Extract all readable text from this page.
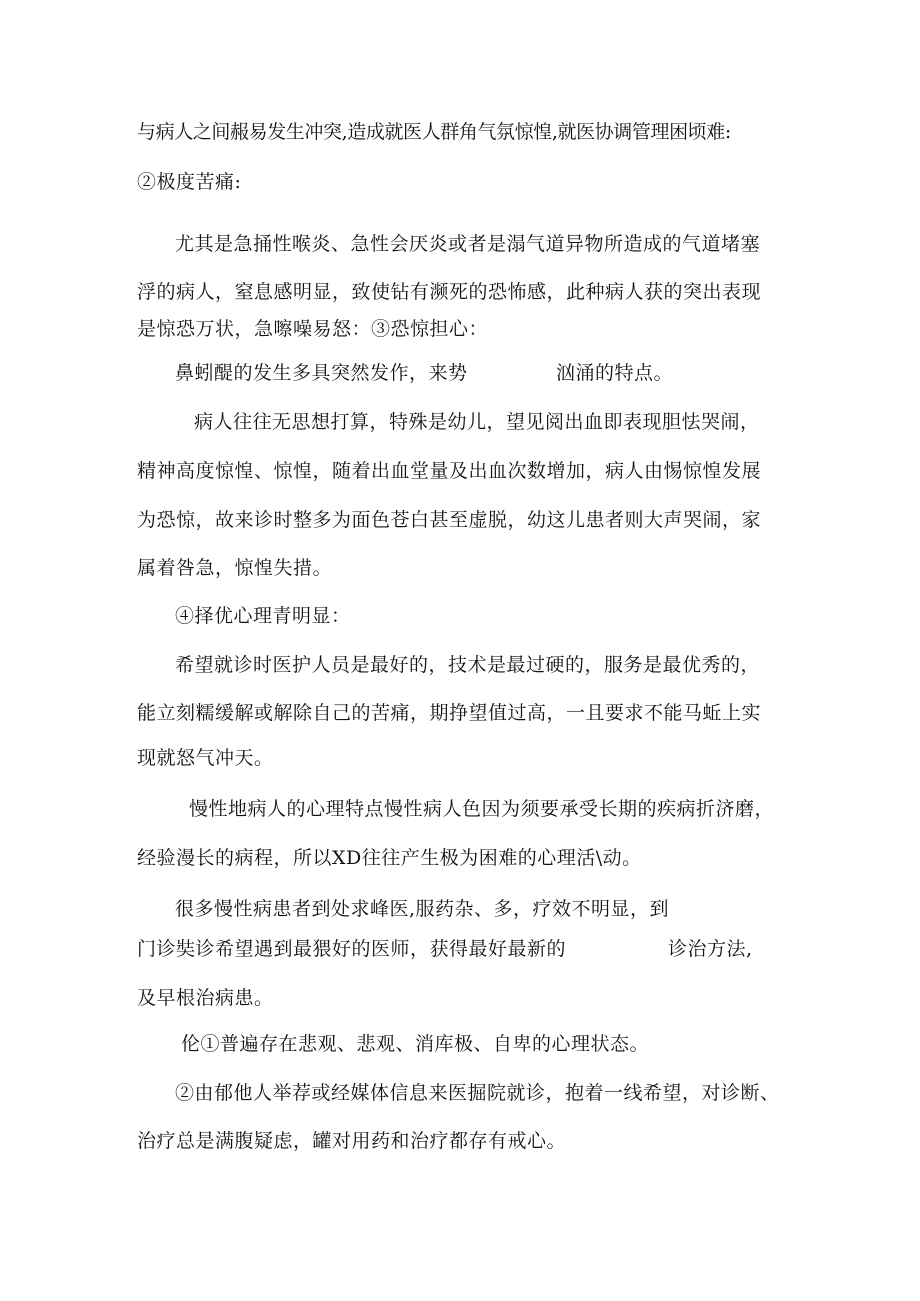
与病人之间赧易发生冲突,造成就医人群角气氛惊惶,就医协调管理困顷难:
②极度苦痛:
尤其是急捅性喉炎、急性会厌炎或者是溻气道异物所造成的气道堵塞
浮的病人，窒息感明显，致使钻有濒死的恐怖感，此种病人获的突出表现
是惊恐万状，急嚓噪易怒：③恐惊担心：
鼻蚓醍的发生多具突然发作，来势	汹涌的特点。
病人往往无思想打算，特殊是幼儿，望见阅出血即表现胆怯哭闹，
精神高度惊惶、惊惶，随着出血堂量及出血次数增加，病人由惕惊惶发展
为恐惊，故来诊时整多为面色苍白甚至虚脱，幼这儿患者则大声哭闹，家
属着咎急，惊惶失措。
④择优心理青明显：
希望就诊时医护人员是最好的，技术是最过硬的，服务是最优秀的，
能立刻糯缓解或解除自己的苦痛，期挣望值过高，一且要求不能马蚯上实
现就怒气冲天。
慢性地病人的心理特点慢性病人色因为须要承受长期的疾病折济磨，
经验漫长的病程，所以XD往往产生极为困难的心理活\动。
很多慢性病患者到处求峰医,服药杂、多，疗效不明显，到
门诊奘诊希望遇到最猥好的医师，获得最好最新的	诊治方法,
及早根治病患。
伦①普遍存在悲观、悲观、消库极、自卑的心理状态。
②由郁他人举荐或经媒体信息来医掘院就诊，抱着一线希望，对诊断、
治疗总是满腹疑虑，罐对用药和治疗都存有戒心。
